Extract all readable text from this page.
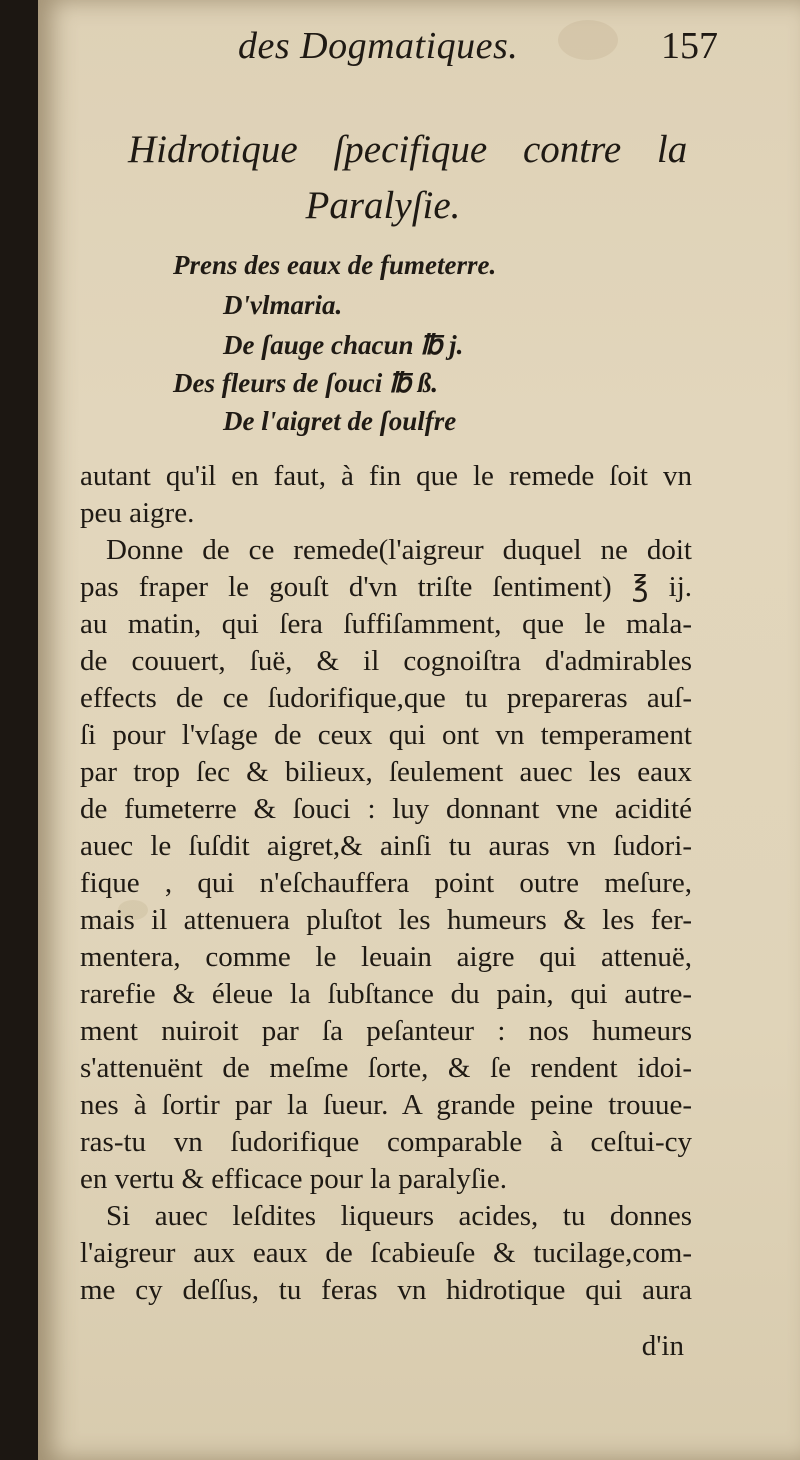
des Dogmatiques.	157
Hidrotique ſpecifique contre la
Paralyſie.
Prens des eaux de fumeterre.
D'vlmaria.
De ſauge chacun ℔ j.
Des fleurs de ſouci ℔ ß.
De l'aigret de ſoulfre
autant qu'il en faut, à fin que le remede ſoit vn
peu aigre.
Donne de ce remede(l'aigreur duquel ne doit
pas fraper le gouſt d'vn triſte ſentiment) ℥ ij.
au matin, qui ſera ſuffiſamment, que le mala-
de couuert, ſuë, & il cognoiſtra d'admirables
effects de ce ſudorifique,que tu prepareras auſ-
ſi pour l'vſage de ceux qui ont vn temperament
par trop ſec & bilieux, ſeulement auec les eaux
de fumeterre & ſouci : luy donnant vne acidité
auec le ſuſdit aigret,& ainſi tu auras vn ſudori-
fique , qui n'eſchauffera point outre meſure,
mais il attenuera pluſtot les humeurs & les fer-
mentera, comme le leuain aigre qui attenuë,
rarefie & éleue la ſubſtance du pain, qui autre-
ment nuiroit par ſa peſanteur : nos humeurs
s'attenuënt de meſme ſorte, & ſe rendent idoi-
nes à ſortir par la ſueur. A grande peine trouue-
ras-tu vn ſudorifique comparable à ceſtui-cy
en vertu & efficace pour la paralyſie.
Si auec leſdites liqueurs acides, tu donnes
l'aigreur aux eaux de ſcabieuſe & tucilage,com-
me cy deſſus, tu feras vn hidrotique qui aura
d'in
